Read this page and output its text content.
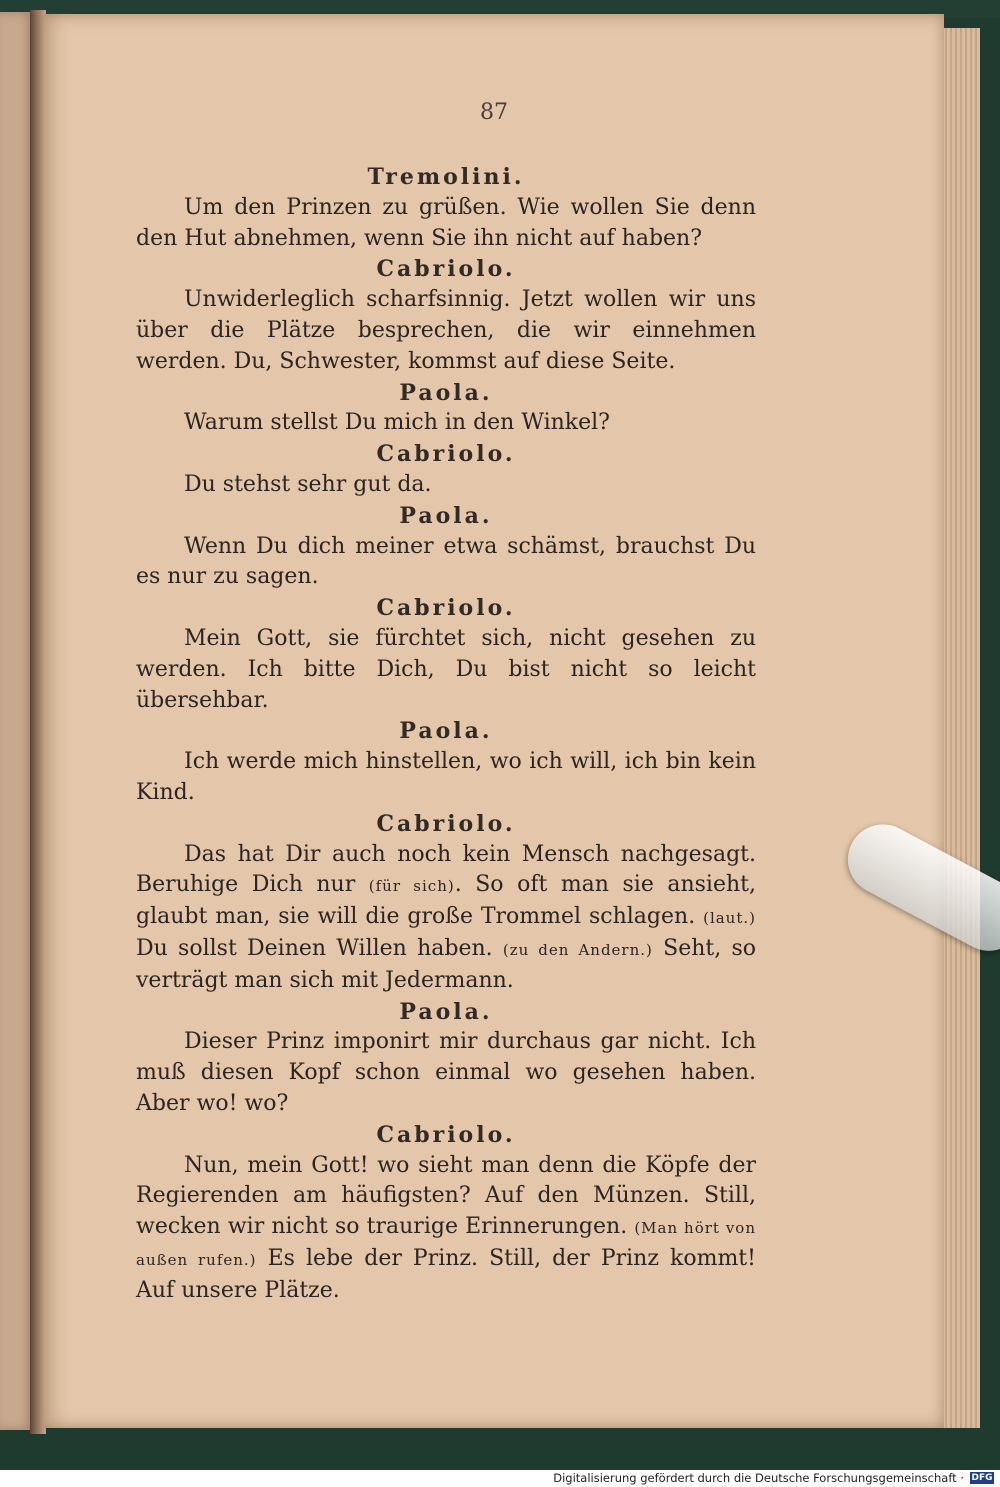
87
Tremolini.
Um den Prinzen zu grüßen. Wie wollen Sie denn den Hut abnehmen, wenn Sie ihn nicht auf haben?
Cabriolo.
Unwiderleglich scharfsinnig. Jetzt wollen wir uns über die Plätze besprechen, die wir einnehmen werden. Du, Schwester, kommst auf diese Seite.
Paola.
Warum stellst Du mich in den Winkel?
Cabriolo.
Du stehst sehr gut da.
Paola.
Wenn Du dich meiner etwa schämst, brauchst Du es nur zu sagen.
Cabriolo.
Mein Gott, sie fürchtet sich, nicht gesehen zu werden. Ich bitte Dich, Du bist nicht so leicht übersehbar.
Paola.
Ich werde mich hinstellen, wo ich will, ich bin kein Kind.
Cabriolo.
Das hat Dir auch noch kein Mensch nachgesagt. Beruhige Dich nur (für sich). So oft man sie ansieht, glaubt man, sie will die große Trommel schlagen. (laut.) Du sollst Deinen Willen haben. (zu den Andern.) Seht, so verträgt man sich mit Jedermann.
Paola.
Dieser Prinz imponirt mir durchaus gar nicht. Ich muß diesen Kopf schon einmal wo gesehen haben. Aber wo! wo?
Cabriolo.
Nun, mein Gott! wo sieht man denn die Köpfe der Regierenden am häufigsten? Auf den Münzen. Still, wecken wir nicht so traurige Erinnerungen. (Man hört von außen rufen.) Es lebe der Prinz. Still, der Prinz kommt! Auf unsere Plätze.
Digitalisierung gefördert durch die Deutsche Forschungsgemeinschaft · DFG
